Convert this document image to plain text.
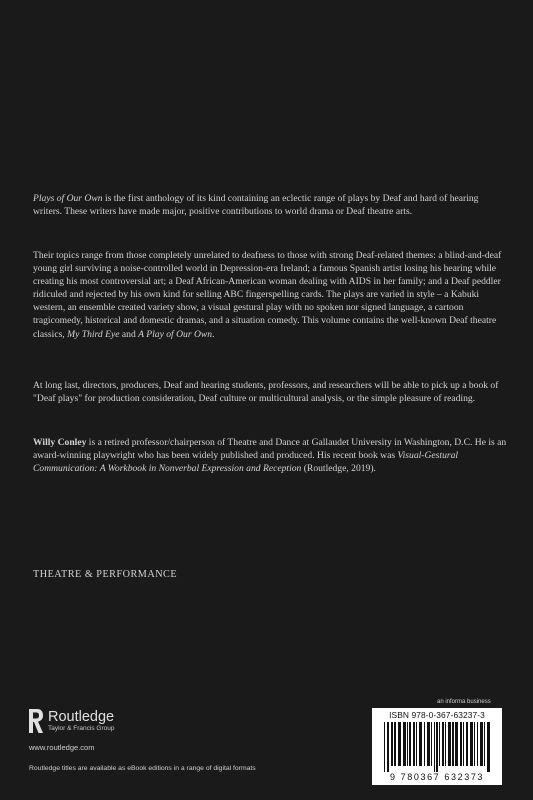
Plays of Our Own is the first anthology of its kind containing an eclectic range of plays by Deaf and hard of hearing writers. These writers have made major, positive contributions to world drama or Deaf theatre arts.

Their topics range from those completely unrelated to deafness to those with strong Deaf-related themes: a blind-and-deaf young girl surviving a noise-controlled world in Depression-era Ireland; a famous Spanish artist losing his hearing while creating his most controversial art; a Deaf African-American woman dealing with AIDS in her family; and a Deaf peddler ridiculed and rejected by his own kind for selling ABC fingerspelling cards. The plays are varied in style – a Kabuki western, an ensemble created variety show, a visual gestural play with no spoken nor signed language, a cartoon tragicomedy, historical and domestic dramas, and a situation comedy. This volume contains the well-known Deaf theatre classics, My Third Eye and A Play of Our Own.

At long last, directors, producers, Deaf and hearing students, professors, and researchers will be able to pick up a book of "Deaf plays" for production consideration, Deaf culture or multicultural analysis, or the simple pleasure of reading.

Willy Conley is a retired professor/chairperson of Theatre and Dance at Gallaudet University in Washington, D.C. He is an award-winning playwright who has been widely published and produced. His recent book was Visual-Gestural Communication: A Workbook in Nonverbal Expression and Reception (Routledge, 2019).

THEATRE & PERFORMANCE
Routledge
Taylor & Francis Group
www.routledge.com
an informa business
ISBN 978-0-367-63237-3
9 780367 632373
Routledge titles are available as eBook editions in a range of digital formats
